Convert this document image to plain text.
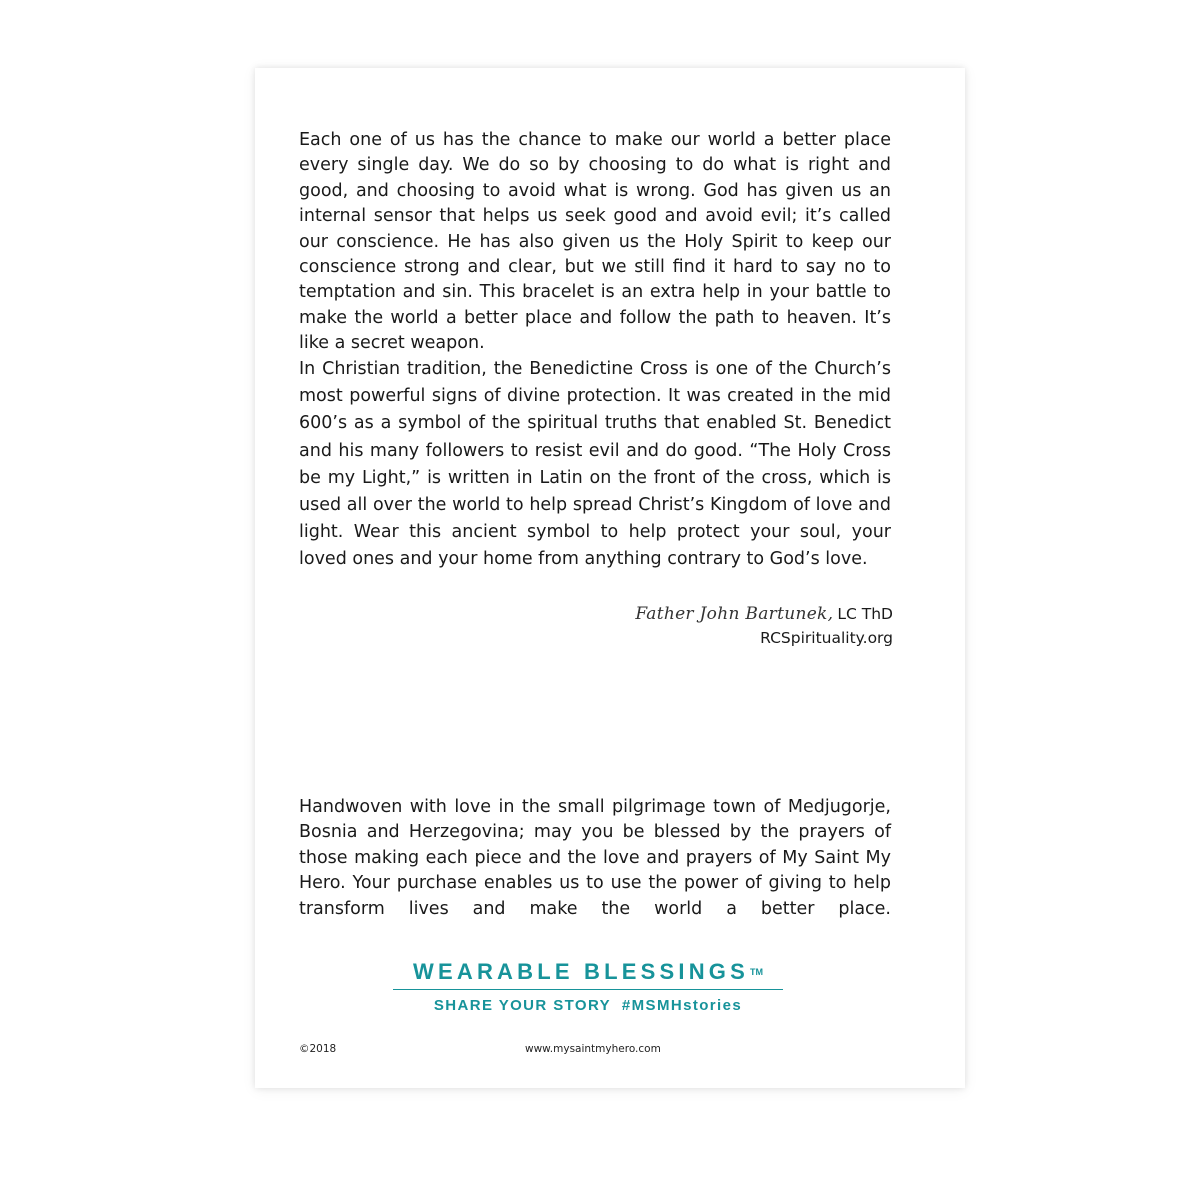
Each one of us has the chance to make our world a better place every single day. We do so by choosing to do what is right and good, and choosing to avoid what is wrong. God has given us an internal sensor that helps us seek good and avoid evil; it’s called our conscience. He has also given us the Holy Spirit to keep our conscience strong and clear, but we still find it hard to say no to temptation and sin. This bracelet is an extra help in your battle to make the world a better place and follow the path to heaven. It’s like a secret weapon.

In Christian tradition, the Benedictine Cross is one of the Church’s most powerful signs of divine protection. It was created in the mid 600’s as a symbol of the spiritual truths that enabled St. Benedict and his many followers to resist evil and do good. “The Holy Cross be my Light,” is written in Latin on the front of the cross, which is used all over the world to help spread Christ’s Kingdom of love and light. Wear this ancient symbol to help protect your soul, your loved ones and your home from anything contrary to God’s love.

Father John Bartunek, LC ThD
RCSpirituality.org

Handwoven with love in the small pilgrimage town of Medjugorje, Bosnia and Herzegovina; may you be blessed by the prayers of those making each piece and the love and prayers of My Saint My Hero. Your purchase enables us to use the power of giving to help transform lives and make the world a better place.

WEARABLE BLESSINGS™
SHARE YOUR STORY  #MSMHstories
©2018	www.mysaintmyhero.com
